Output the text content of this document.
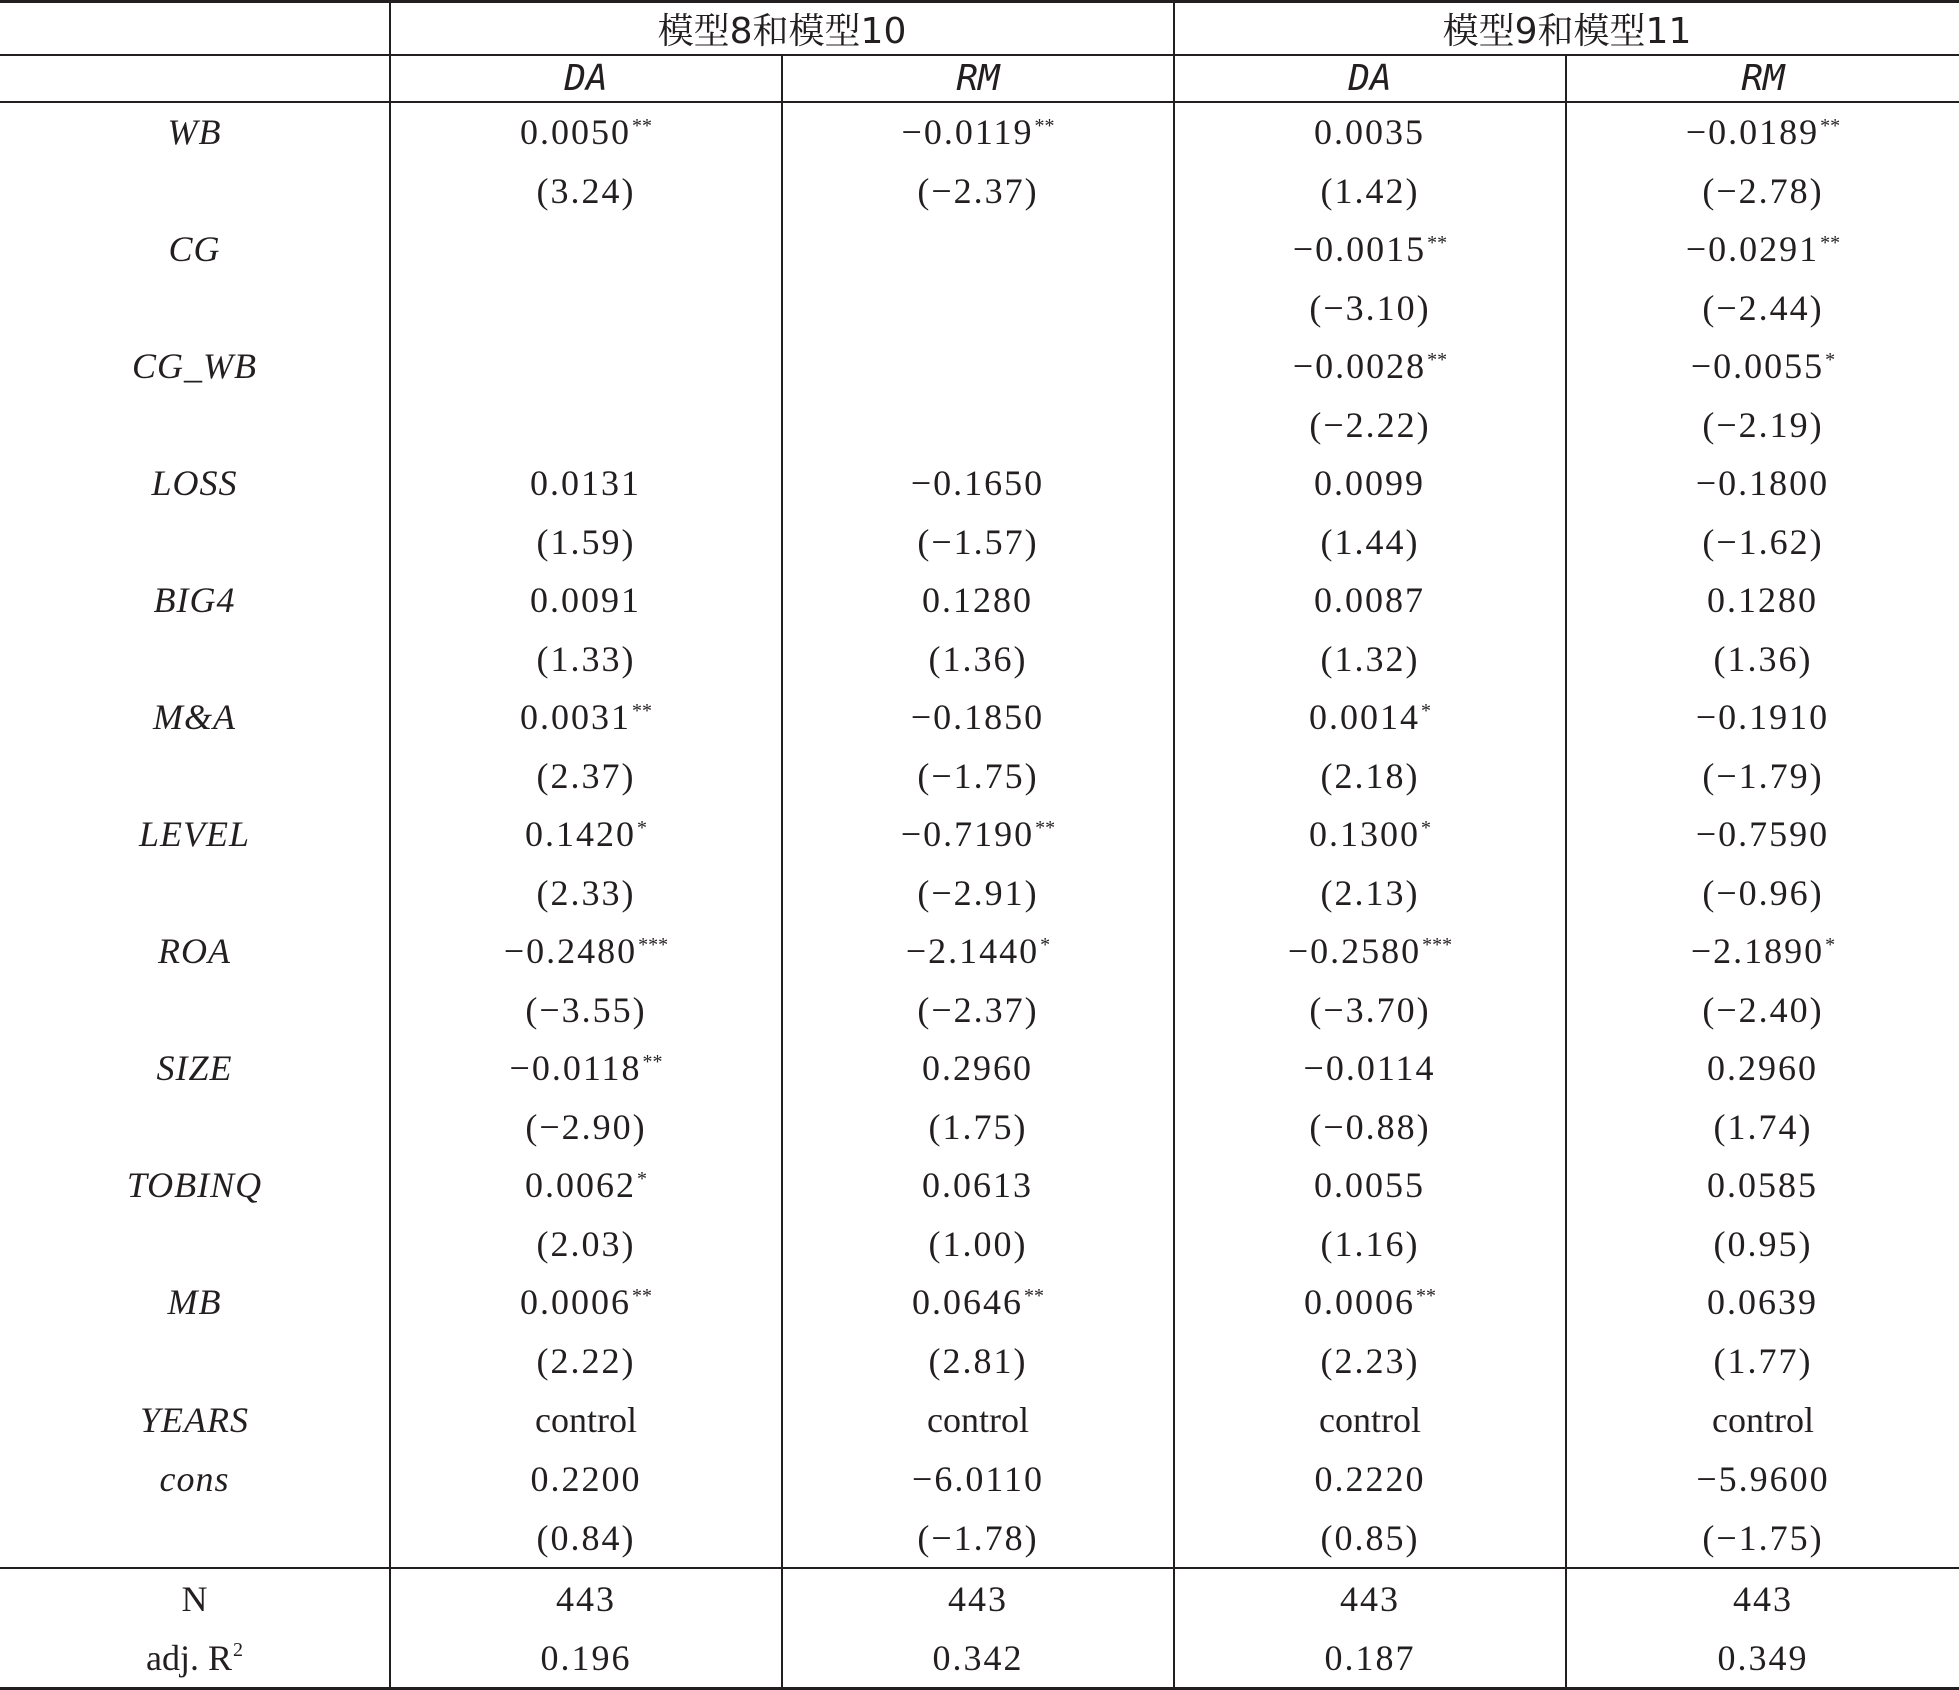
	模型8和模型10		模型9和模型11	
	DA	RM	DA	RM
WB	0.0050**	−0.0119**	0.0035	−0.0189**
	(3.24)	(−2.37)	(1.42)	(−2.78)
CG			−0.0015**	−0.0291**
			(−3.10)	(−2.44)
CG_WB			−0.0028**	−0.0055*
			(−2.22)	(−2.19)
LOSS	0.0131	−0.1650	0.0099	−0.1800
	(1.59)	(−1.57)	(1.44)	(−1.62)
BIG4	0.0091	0.1280	0.0087	0.1280
	(1.33)	(1.36)	(1.32)	(1.36)
M&A	0.0031**	−0.1850	0.0014*	−0.1910
	(2.37)	(−1.75)	(2.18)	(−1.79)
LEVEL	0.1420*	−0.7190**	0.1300*	−0.7590
	(2.33)	(−2.91)	(2.13)	(−0.96)
ROA	−0.2480***	−2.1440*	−0.2580***	−2.1890*
	(−3.55)	(−2.37)	(−3.70)	(−2.40)
SIZE	−0.0118**	0.2960	−0.0114	0.2960
	(−2.90)	(1.75)	(−0.88)	(1.74)
TOBINQ	0.0062*	0.0613	0.0055	0.0585
	(2.03)	(1.00)	(1.16)	(0.95)
MB	0.0006**	0.0646**	0.0006**	0.0639
	(2.22)	(2.81)	(2.23)	(1.77)
YEARS	control	control	control	control
cons	0.2200	−6.0110	0.2220	−5.9600
	(0.84)	(−1.78)	(0.85)	(−1.75)
N	443	443	443	443
adj. $R^2$	0.196	0.342	0.187	0.349
